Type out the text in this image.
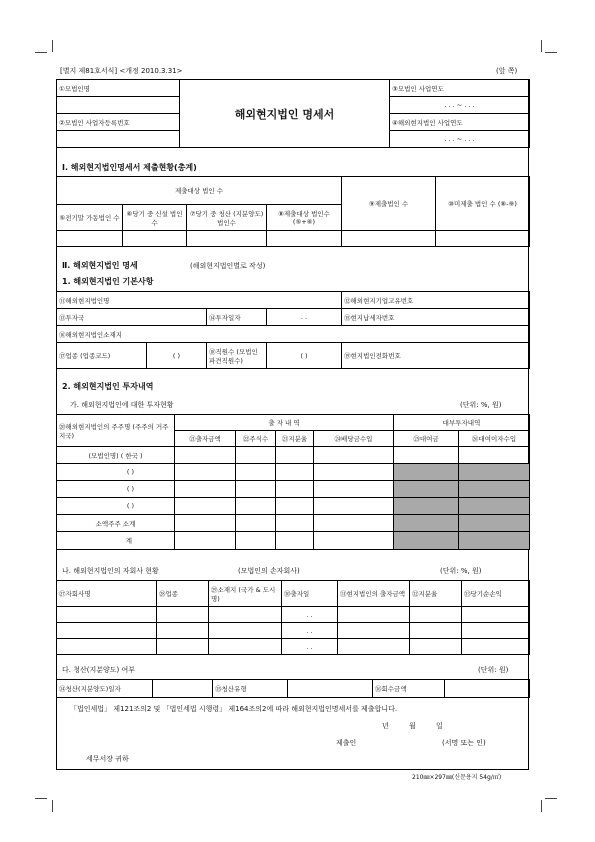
[별지 제81호서식] <개정 2010.3.31>	(앞 쪽)
①모법인명	해외현지법인 명세서	③모법인 사업연도
		. . . ~ . . .
②모법인 사업자등록번호		④해외현지법인 사업연도
		. . . ~ . . .
Ⅰ. 해외현지법인명세서 제출현황(총계)
제출대상 법인 수				⑨제출법인 수	⑩미제출 법인 수 (⑧-⑨)
⑤전기말 가동법인 수	⑥당기 중 신설 법인수	⑦당기 중 청산 (지분양도)법인수	⑧제출대상 법인수(⑤+⑥)		

Ⅱ. 해외현지법인 명세	(해외현지법인별로 작성)
1. 해외현지법인 기본사항
⑪해외현지법인명				⑫해외현지기업고유번호
⑬투자국		⑭투자일자	. .	⑮현지납세자번호
⑯해외현지법인소재지				
⑰업종 (업종코드)	( )	⑱직원수 (모법인파견직원수)	( )	⑲현지법인전화번호
2. 해외현지법인 투자내역
가. 해외현지법인에 대한 투자현황	(단위: %, 원)
⑳해외현지법인의 주주명 (주주의 거주지국)	출 자 내 역				대부투자내역	
	㉑출자금액	㉒주식수	㉓지분율	㉔배당금수입	㉕대여금	㉖대여이자수입
(모법인명) ( 한국 )						
( )						
( )						
( )						
소액주주 소계						
계						
나. 해외현지법인의 자회사 현황	(모법인의 손자회사)	(단위: %, 원)
㉗자회사명	㉘업종	㉙소재지 (국가 & 도시명)	㉚출자일	㉛현지법인의 출자금액	㉜지분율	㉝당기순손익
			. .			
			. .			
			. .			
다. 청산(지분양도) 여부	(단위: 원)
㉞청산(지분양도)일자		㉟청산유형		㊱회수금액	
「법인세법」 제121조의2 및 「법인세법 시행령」 제164조의2에 따라 해외현지법인명세서를 제출합니다.
년 월 일
제출인	(서명 또는 인)
세무서장 귀하
210㎜×297㎜(신문용지 54g/㎡)
